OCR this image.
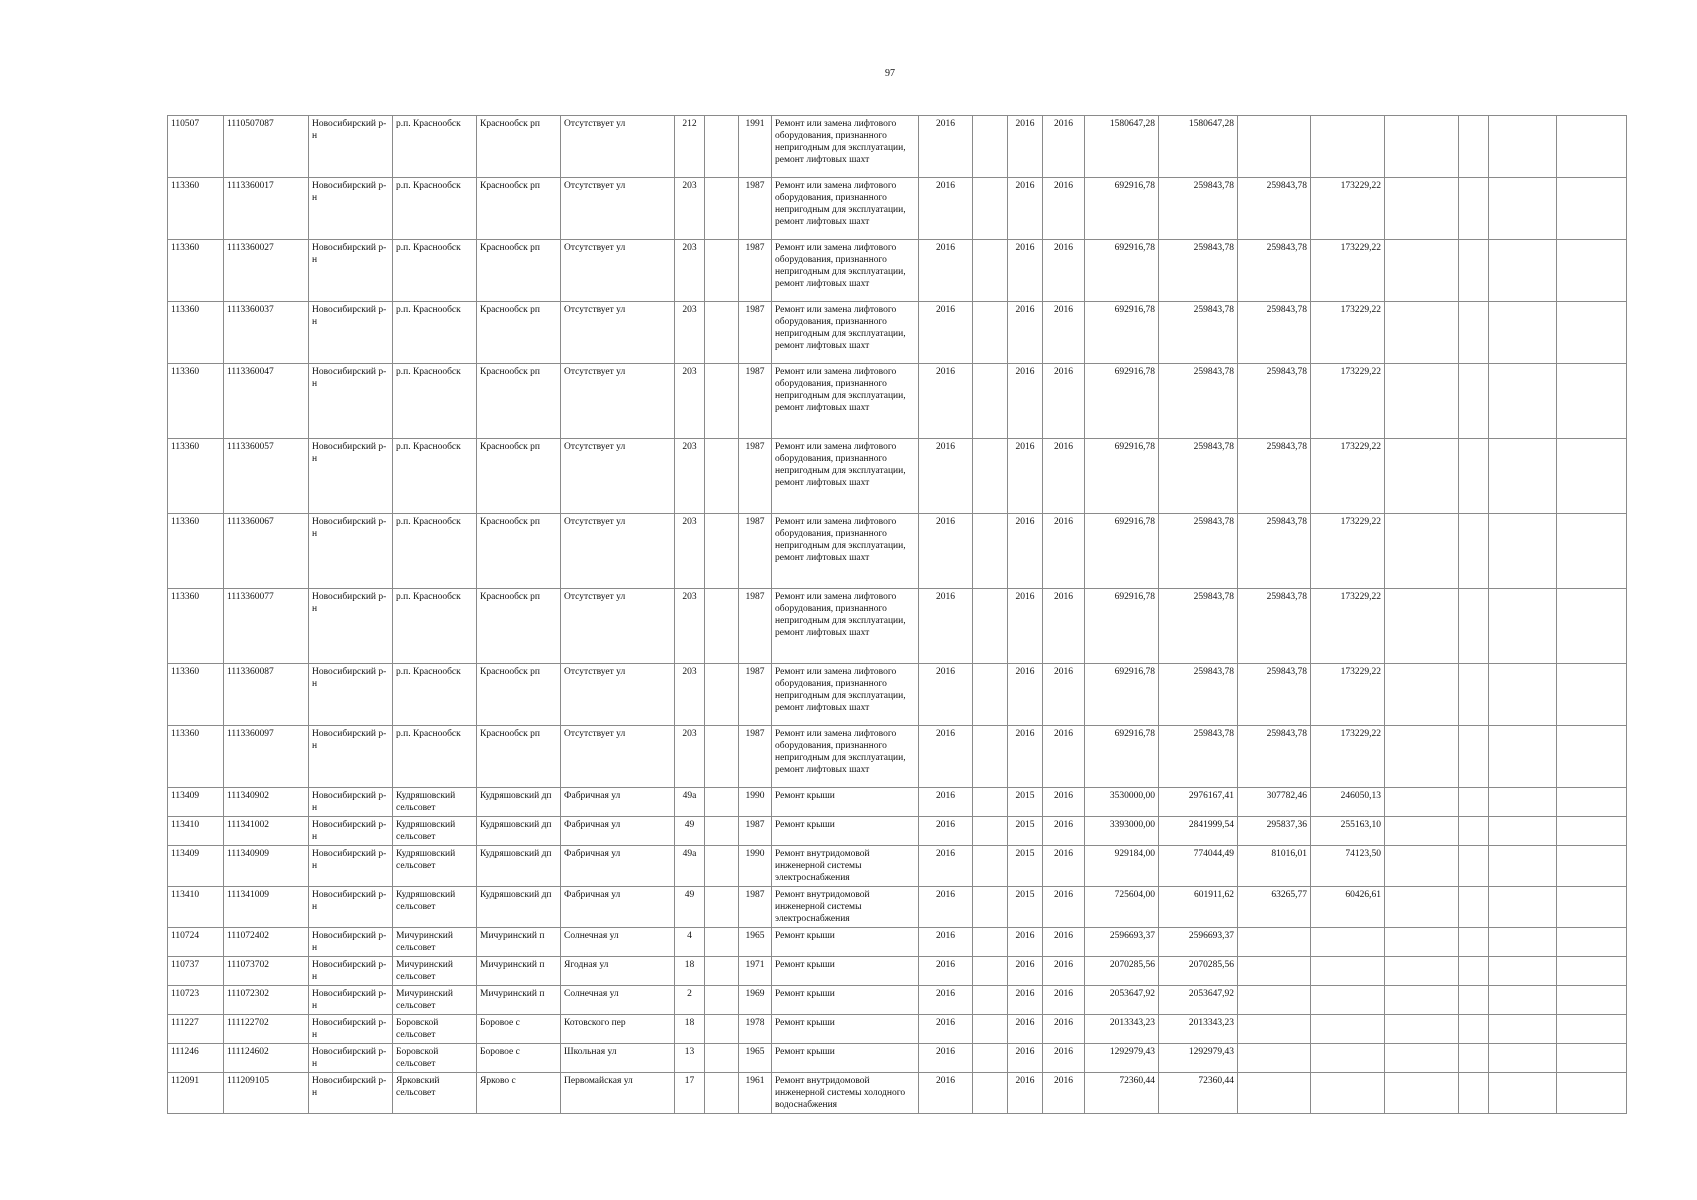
97
110507	1110507087	Новосибирский р-н	р.п. Краснообск	Краснообск рп	Отсутствует ул	212		1991	Ремонт или замена лифтового оборудования, признанного непригодным для эксплуатации, ремонт лифтовых шахт	2016		2016	2016	1580647,28	1580647,28						
113360	1113360017	Новосибирский р-н	р.п. Краснообск	Краснообск рп	Отсутствует ул	203		1987	Ремонт или замена лифтового оборудования, признанного непригодным для эксплуатации, ремонт лифтовых шахт	2016		2016	2016	692916,78	259843,78	259843,78	173229,22				
113360	1113360027	Новосибирский р-н	р.п. Краснообск	Краснообск рп	Отсутствует ул	203		1987	Ремонт или замена лифтового оборудования, признанного непригодным для эксплуатации, ремонт лифтовых шахт	2016		2016	2016	692916,78	259843,78	259843,78	173229,22				
113360	1113360037	Новосибирский р-н	р.п. Краснообск	Краснообск рп	Отсутствует ул	203		1987	Ремонт или замена лифтового оборудования, признанного непригодным для эксплуатации, ремонт лифтовых шахт	2016		2016	2016	692916,78	259843,78	259843,78	173229,22				
113360	1113360047	Новосибирский р-н	р.п. Краснообск	Краснообск рп	Отсутствует ул	203		1987	Ремонт или замена лифтового оборудования, признанного непригодным для эксплуатации, ремонт лифтовых шахт	2016		2016	2016	692916,78	259843,78	259843,78	173229,22				
113360	1113360057	Новосибирский р-н	р.п. Краснообск	Краснообск рп	Отсутствует ул	203		1987	Ремонт или замена лифтового оборудования, признанного непригодным для эксплуатации, ремонт лифтовых шахт	2016		2016	2016	692916,78	259843,78	259843,78	173229,22				
113360	1113360067	Новосибирский р-н	р.п. Краснообск	Краснообск рп	Отсутствует ул	203		1987	Ремонт или замена лифтового оборудования, признанного непригодным для эксплуатации, ремонт лифтовых шахт	2016		2016	2016	692916,78	259843,78	259843,78	173229,22				
113360	1113360077	Новосибирский р-н	р.п. Краснообск	Краснообск рп	Отсутствует ул	203		1987	Ремонт или замена лифтового оборудования, признанного непригодным для эксплуатации, ремонт лифтовых шахт	2016		2016	2016	692916,78	259843,78	259843,78	173229,22				
113360	1113360087	Новосибирский р-н	р.п. Краснообск	Краснообск рп	Отсутствует ул	203		1987	Ремонт или замена лифтового оборудования, признанного непригодным для эксплуатации, ремонт лифтовых шахт	2016		2016	2016	692916,78	259843,78	259843,78	173229,22				
113360	1113360097	Новосибирский р-н	р.п. Краснообск	Краснообск рп	Отсутствует ул	203		1987	Ремонт или замена лифтового оборудования, признанного непригодным для эксплуатации, ремонт лифтовых шахт	2016		2016	2016	692916,78	259843,78	259843,78	173229,22				
113409	111340902	Новосибирский р-н	Кудряшовский сельсовет	Кудряшовский дп	Фабричная ул	49а		1990	Ремонт крыши	2016		2015	2016	3530000,00	2976167,41	307782,46	246050,13				
113410	111341002	Новосибирский р-н	Кудряшовский сельсовет	Кудряшовский дп	Фабричная ул	49		1987	Ремонт крыши	2016		2015	2016	3393000,00	2841999,54	295837,36	255163,10				
113409	111340909	Новосибирский р-н	Кудряшовский сельсовет	Кудряшовский дп	Фабричная ул	49а		1990	Ремонт внутридомовой инженерной системы электроснабжения	2016		2015	2016	929184,00	774044,49	81016,01	74123,50				
113410	111341009	Новосибирский р-н	Кудряшовский сельсовет	Кудряшовский дп	Фабричная ул	49		1987	Ремонт внутридомовой инженерной системы электроснабжения	2016		2015	2016	725604,00	601911,62	63265,77	60426,61				
110724	111072402	Новосибирский р-н	Мичуринский сельсовет	Мичуринский п	Солнечная ул	4		1965	Ремонт крыши	2016		2016	2016	2596693,37	2596693,37						
110737	111073702	Новосибирский р-н	Мичуринский сельсовет	Мичуринский п	Ягодная ул	18		1971	Ремонт крыши	2016		2016	2016	2070285,56	2070285,56						
110723	111072302	Новосибирский р-н	Мичуринский сельсовет	Мичуринский п	Солнечная ул	2		1969	Ремонт крыши	2016		2016	2016	2053647,92	2053647,92						
111227	111122702	Новосибирский р-н	Боровской сельсовет	Боровое с	Котовского пер	18		1978	Ремонт крыши	2016		2016	2016	2013343,23	2013343,23						
111246	111124602	Новосибирский р-н	Боровской сельсовет	Боровое с	Школьная ул	13		1965	Ремонт крыши	2016		2016	2016	1292979,43	1292979,43						
112091	111209105	Новосибирский р-н	Ярковский сельсовет	Ярково с	Первомайская ул	17		1961	Ремонт внутридомовой инженерной системы холодного водоснабжения	2016		2016	2016	72360,44	72360,44						
